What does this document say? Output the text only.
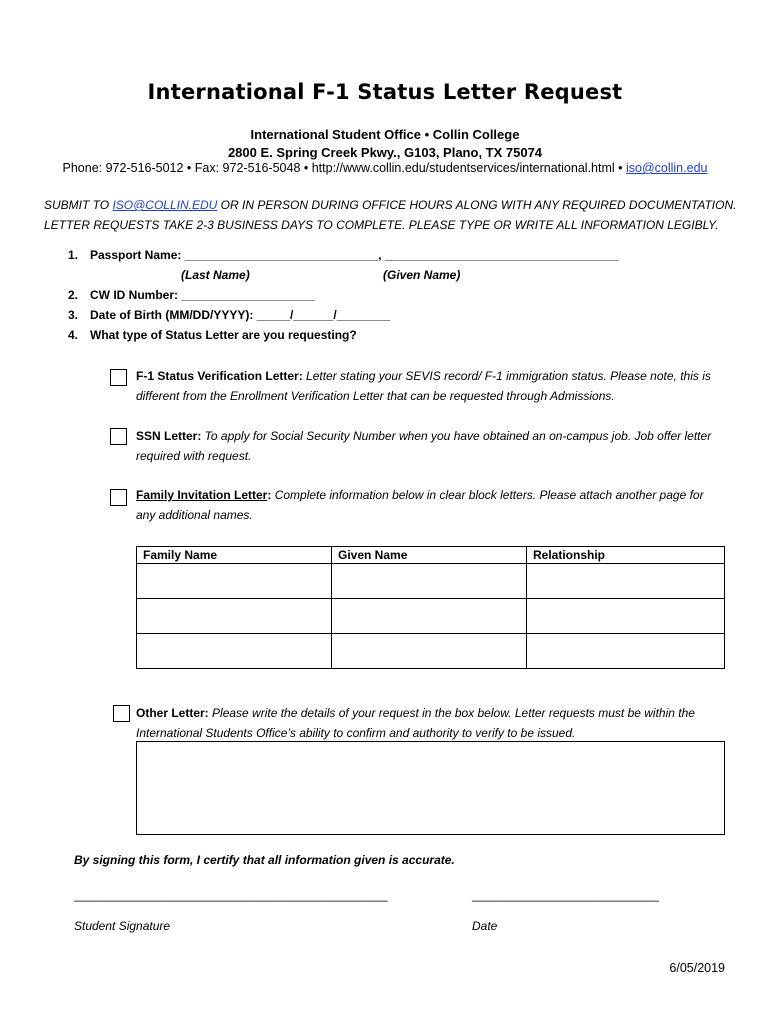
International F-1 Status Letter Request
International Student Office • Collin College
2800 E. Spring Creek Pkwy., G103, Plano, TX 75074
Phone: 972-516-5012 • Fax: 972-516-5048 • http://www.collin.edu/studentservices/international.html • iso@collin.edu
SUBMIT TO ISO@COLLIN.EDU OR IN PERSON DURING OFFICE HOURS ALONG WITH ANY REQUIRED DOCUMENTATION.
LETTER REQUESTS TAKE 2-3 BUSINESS DAYS TO COMPLETE. PLEASE TYPE OR WRITE ALL INFORMATION LEGIBLY.
1. Passport Name: _____________________________, ___________________________________
(Last Name)	(Given Name)
2. CW ID Number: ____________________
3. Date of Birth (MM/DD/YYYY): _____/______/________
4. What type of Status Letter are you requesting?
F-1 Status Verification Letter: Letter stating your SEVIS record/ F-1 immigration status. Please note, this is different from the Enrollment Verification Letter that can be requested through Admissions.
SSN Letter: To apply for Social Security Number when you have obtained an on-campus job. Job offer letter required with request.
Family Invitation Letter: Complete information below in clear block letters. Please attach another page for any additional names.
Family Name	Given Name	Relationship

Other Letter: Please write the details of your request in the box below. Letter requests must be within the International Students Office’s ability to confirm and authority to verify to be issued.
By signing this form, I certify that all information given is accurate.
_______________________________________________	____________________________
Student Signature	Date
6/05/2019
